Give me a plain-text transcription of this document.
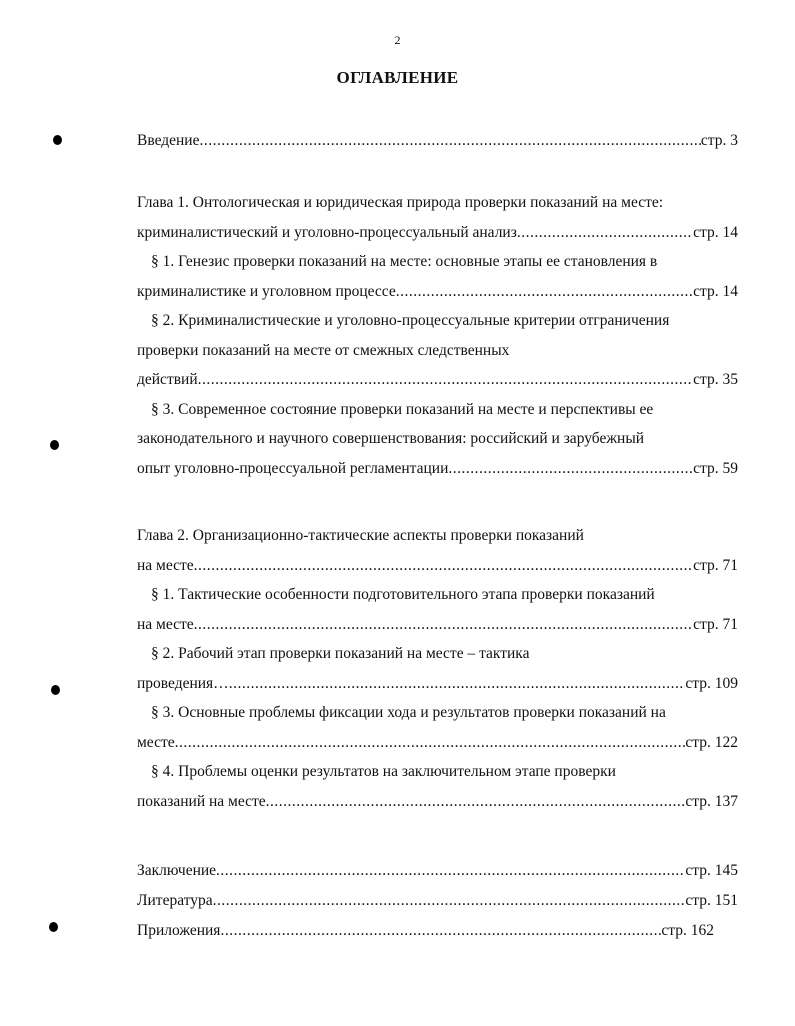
2
ОГЛАВЛЕНИЕ
Введение .....	стр. 3
Глава 1. Онтологическая и юридическая природа проверки показаний на месте:
криминалистический и уголовно-процессуальный анализ .....	стр. 14
§ 1. Генезис проверки показаний на месте: основные этапы ее становления в
криминалистике и уголовном процессе .....	стр. 14
§ 2. Криминалистические и уголовно-процессуальные критерии отграничения
проверки показаний на месте от смежных следственных
действий .....	стр. 35
§ 3. Современное состояние проверки показаний на месте и перспективы ее
законодательного и научного совершенствования: российский и зарубежный
опыт уголовно-процессуальной регламентации .....	стр. 59
Глава 2. Организационно-тактические аспекты проверки показаний
на месте .....	стр. 71
§ 1. Тактические особенности подготовительного этапа проверки показаний
на месте .....	стр. 71
§ 2. Рабочий этап проверки показаний на месте – тактика
проведения… .....	стр. 109
§ 3. Основные проблемы фиксации хода и результатов проверки показаний на
месте .....	стр. 122
§ 4. Проблемы оценки результатов на заключительном этапе проверки
показаний на месте .....	стр. 137
Заключение .....	стр. 145
Литература .....	стр. 151
Приложения .....	стр. 162
